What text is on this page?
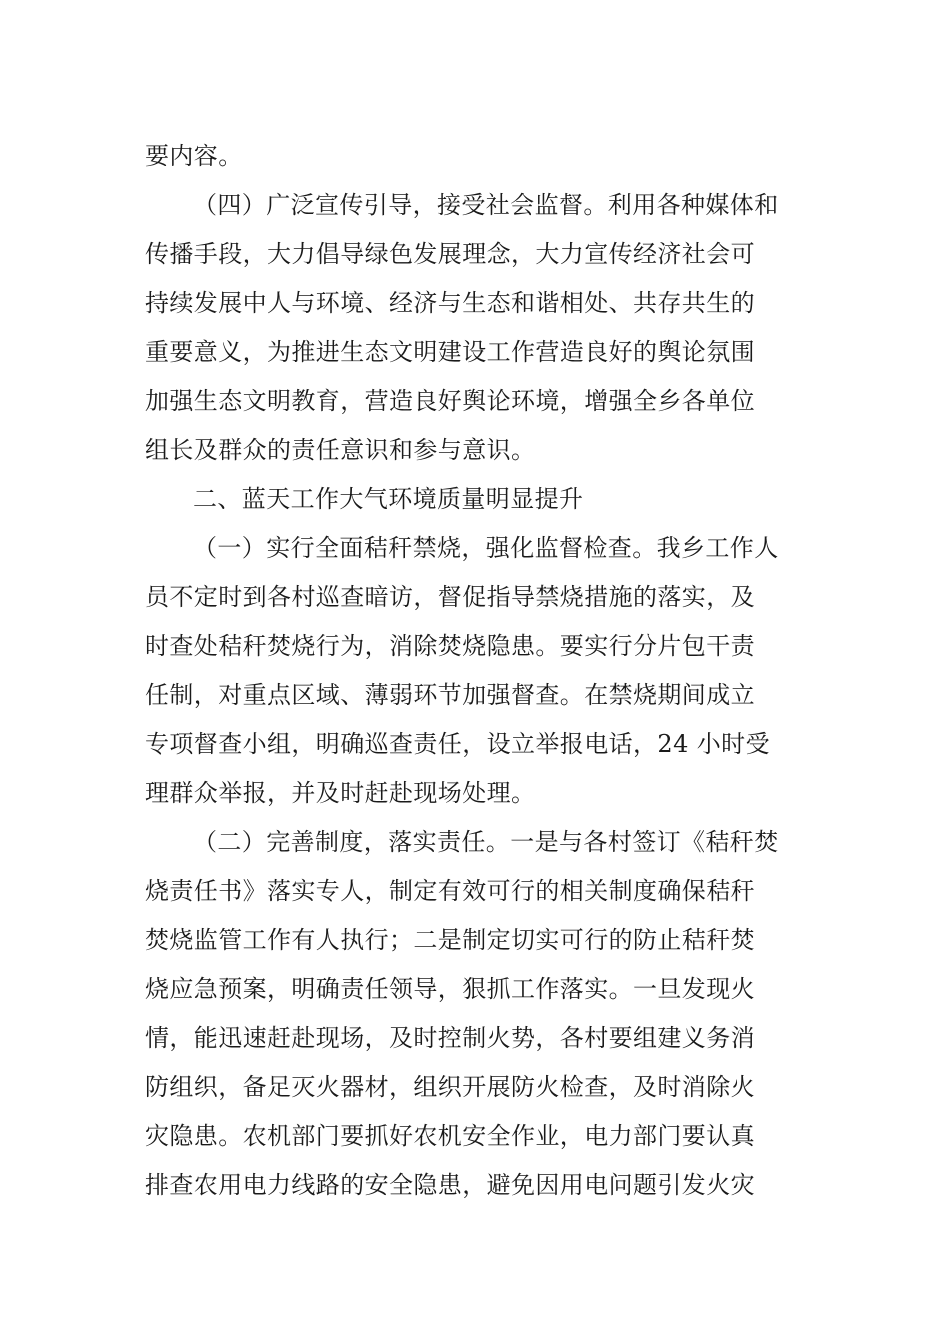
要内容。
（四）广泛宣传引导，接受社会监督。利用各种媒体和
传播手段，大力倡导绿色发展理念，大力宣传经济社会可
持续发展中人与环境、经济与生态和谐相处、共存共生的
重要意义，为推进生态文明建设工作营造良好的舆论氛围
加强生态文明教育，营造良好舆论环境，增强全乡各单位
组长及群众的责任意识和参与意识。
二、蓝天工作大气环境质量明显提升
（一）实行全面秸秆禁烧，强化监督检查。我乡工作人
员不定时到各村巡查暗访，督促指导禁烧措施的落实，及
时查处秸秆焚烧行为，消除焚烧隐患。要实行分片包干责
任制，对重点区域、薄弱环节加强督查。在禁烧期间成立
专项督查小组，明确巡查责任，设立举报电话，24 小时受
理群众举报，并及时赶赴现场处理。
（二）完善制度，落实责任。一是与各村签订《秸秆焚
烧责任书》落实专人，制定有效可行的相关制度确保秸秆
焚烧监管工作有人执行；二是制定切实可行的防止秸秆焚
烧应急预案，明确责任领导，狠抓工作落实。一旦发现火
情，能迅速赶赴现场，及时控制火势，各村要组建义务消
防组织，备足灭火器材，组织开展防火检查，及时消除火
灾隐患。农机部门要抓好农机安全作业，电力部门要认真
排查农用电力线路的安全隐患，避免因用电问题引发火灾
